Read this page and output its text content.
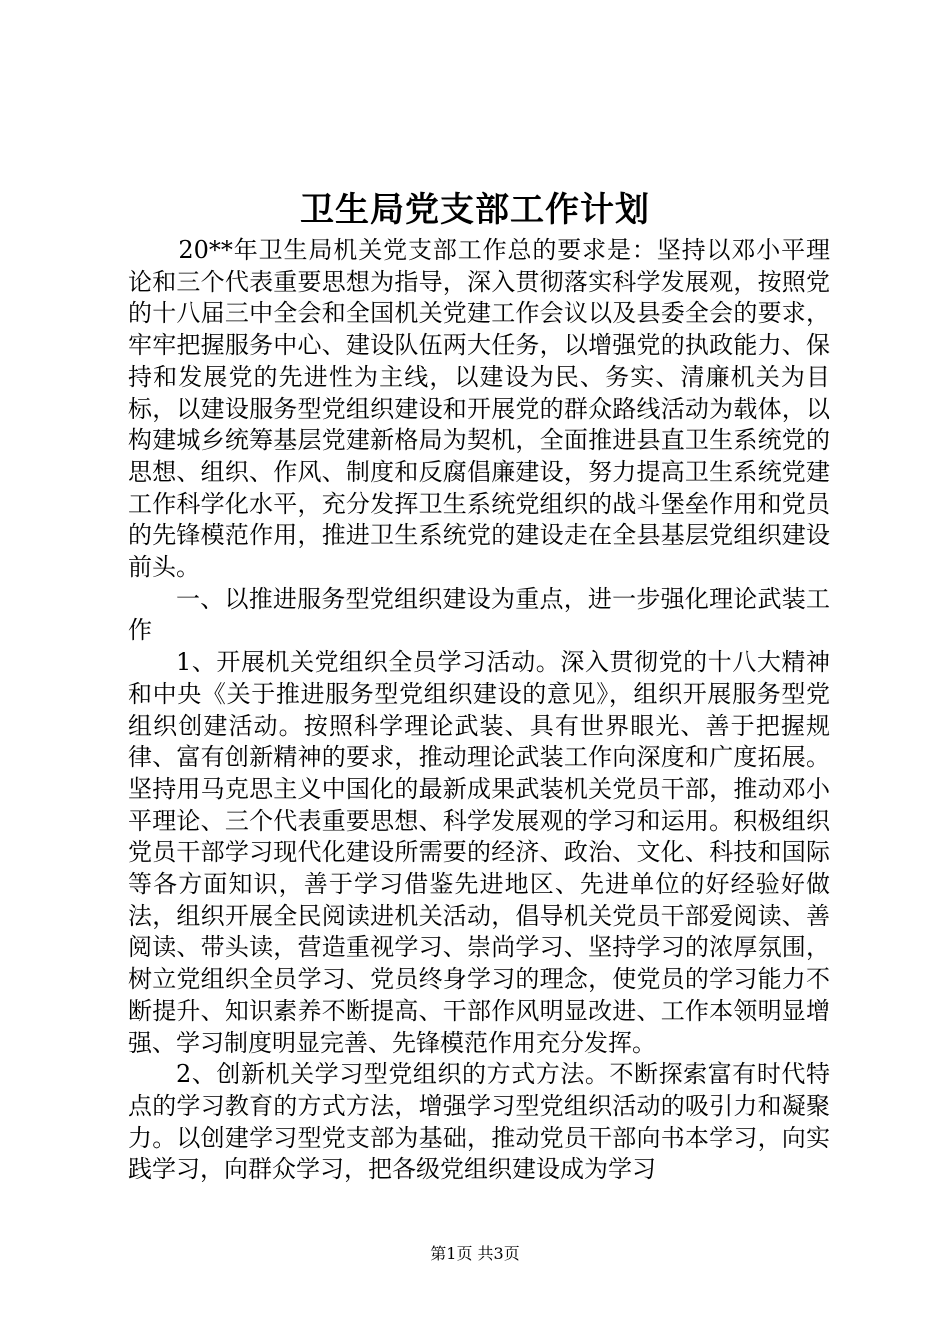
卫生局党支部工作计划

20**年卫生局机关党支部工作总的要求是：坚持以邓小平理论和三个代表重要思想为指导，深入贯彻落实科学发展观，按照党的十八届三中全会和全国机关党建工作会议以及县委全会的要求，牢牢把握服务中心、建设队伍两大任务，以增强党的执政能力、保持和发展党的先进性为主线，以建设为民、务实、清廉机关为目标，以建设服务型党组织建设和开展党的群众路线活动为载体，以构建城乡统筹基层党建新格局为契机，全面推进县直卫生系统党的思想、组织、作风、制度和反腐倡廉建设，努力提高卫生系统党建工作科学化水平，充分发挥卫生系统党组织的战斗堡垒作用和党员的先锋模范作用，推进卫生系统党的建设走在全县基层党组织建设前头。

一、以推进服务型党组织建设为重点，进一步强化理论武装工作

1、开展机关党组织全员学习活动。深入贯彻党的十八大精神和中央《关于推进服务型党组织建设的意见》，组织开展服务型党组织创建活动。按照科学理论武装、具有世界眼光、善于把握规律、富有创新精神的要求，推动理论武装工作向深度和广度拓展。坚持用马克思主义中国化的最新成果武装机关党员干部，推动邓小平理论、三个代表重要思想、科学发展观的学习和运用。积极组织党员干部学习现代化建设所需要的经济、政治、文化、科技和国际等各方面知识，善于学习借鉴先进地区、先进单位的好经验好做法，组织开展全民阅读进机关活动，倡导机关党员干部爱阅读、善阅读、带头读，营造重视学习、崇尚学习、坚持学习的浓厚氛围，树立党组织全员学习、党员终身学习的理念，使党员的学习能力不断提升、知识素养不断提高、干部作风明显改进、工作本领明显增强、学习制度明显完善、先锋模范作用充分发挥。

2、创新机关学习型党组织的方式方法。不断探索富有时代特点的学习教育的方式方法，增强学习型党组织活动的吸引力和凝聚力。以创建学习型党支部为基础，推动党员干部向书本学习，向实践学习，向群众学习，把各级党组织建设成为学习

第1页 共3页
